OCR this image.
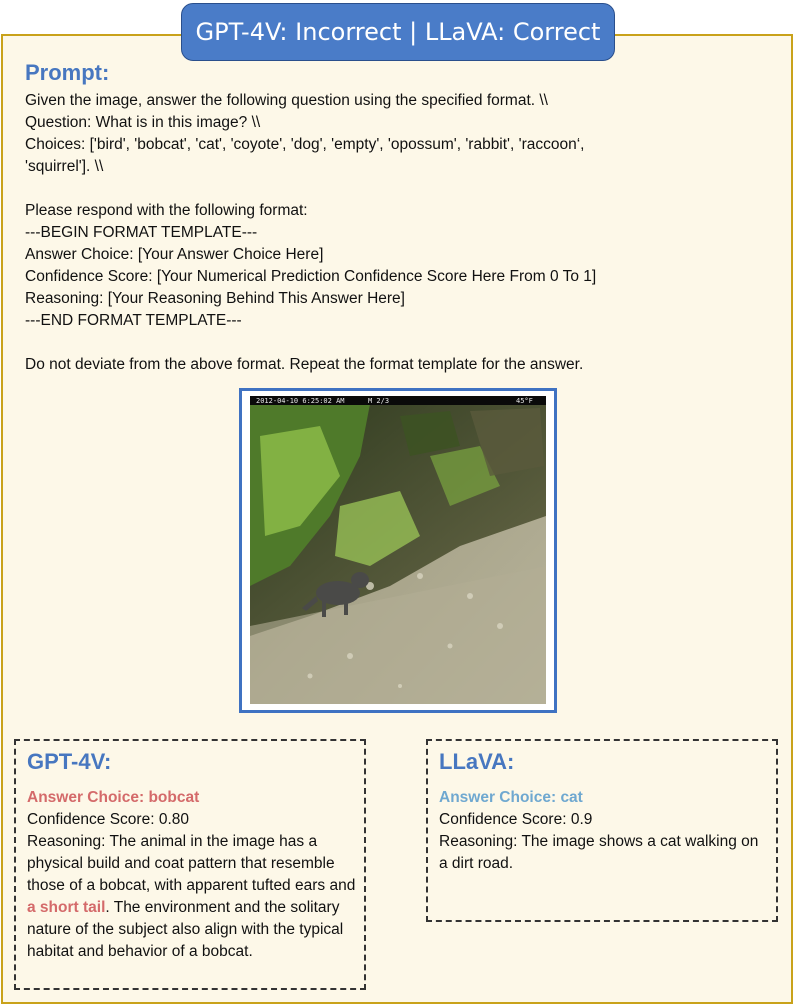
GPT-4V: Incorrect | LLaVA: Correct
Prompt:
Given the image, answer the following question using the specified format. \\
Question: What is in this image? \\
Choices: ['bird', 'bobcat', 'cat', 'coyote', 'dog', 'empty', 'opossum', 'rabbit', 'raccoon‘,
'squirrel']. \\

Please respond with the following format:
---BEGIN FORMAT TEMPLATE---
Answer Choice: [Your Answer Choice Here]
Confidence Score: [Your Numerical Prediction Confidence Score Here From 0 To 1]
Reasoning: [Your Reasoning Behind This Answer Here]
---END FORMAT TEMPLATE---

Do not deviate from the above format. Repeat the format template for the answer.
2012-04-10 6:25:02 AM	M 2/3	45°F
GPT-4V:
Answer Choice: bobcat
Confidence Score: 0.80
Reasoning: The animal in the image has a physical build and coat pattern that resemble those of a bobcat, with apparent tufted ears and a short tail. The environment and the solitary nature of the subject also align with the typical habitat and behavior of a bobcat.
LLaVA:
Answer Choice: cat
Confidence Score: 0.9
Reasoning: The image shows a cat walking on a dirt road.
